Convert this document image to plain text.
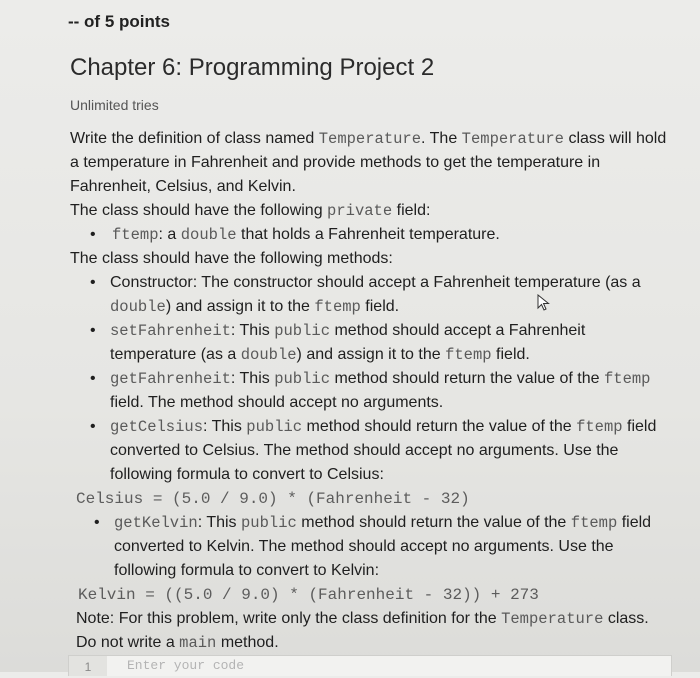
-- of 5 points
Chapter 6: Programming Project 2
Unlimited tries

Write the definition of class named Temperature. The Temperature class will hold a temperature in Fahrenheit and provide methods to get the temperature in Fahrenheit, Celsius, and Kelvin.

The class should have the following private field:

• ftemp: a double that holds a Fahrenheit temperature.

The class should have the following methods:

• Constructor: The constructor should accept a Fahrenheit temperature (as a double) and assign it to the ftemp field.
• setFahrenheit: This public method should accept a Fahrenheit temperature (as a double) and assign it to the ftemp field.
• getFahrenheit: This public method should return the value of the ftemp field. The method should accept no arguments.
• getCelsius: This public method should return the value of the ftemp field converted to Celsius. The method should accept no arguments. Use the following formula to convert to Celsius:
Celsius = (5.0 / 9.0) * (Fahrenheit - 32)
• getKelvin: This public method should return the value of the ftemp field converted to Kelvin. The method should accept no arguments. Use the following formula to convert to Kelvin:
Kelvin = ((5.0 / 9.0) * (Fahrenheit - 32)) + 273

Note: For this problem, write only the class definition for the Temperature class. Do not write a main method.

1	Enter your code
